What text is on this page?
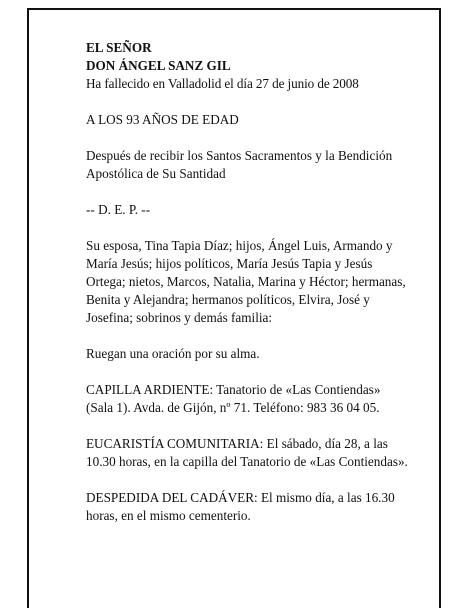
EL SEÑOR
DON ÁNGEL SANZ GIL
Ha fallecido en Valladolid el día 27 de junio de 2008

A LOS 93 AÑOS DE EDAD

Después de recibir los Santos Sacramentos y la Bendición Apostólica de Su Santidad

-- D. E. P. --

Su esposa, Tina Tapia Díaz; hijos, Ángel Luis, Armando y María Jesús; hijos políticos, María Jesús Tapia y Jesús Ortega; nietos, Marcos, Natalia, Marina y Héctor; hermanas, Benita y Alejandra; hermanos políticos, Elvira, José y Josefina; sobrinos y demás familia:

Ruegan una oración por su alma.

CAPILLA ARDIENTE: Tanatorio de «Las Contiendas» (Sala 1). Avda. de Gijón, nº 71. Teléfono: 983 36 04 05.

EUCARISTÍA COMUNITARIA: El sábado, día 28, a las 10.30 horas, en la capilla del Tanatorio de «Las Contiendas».

DESPEDIDA DEL CADÁVER: El mismo día, a las 16.30 horas, en el mismo cementerio.
